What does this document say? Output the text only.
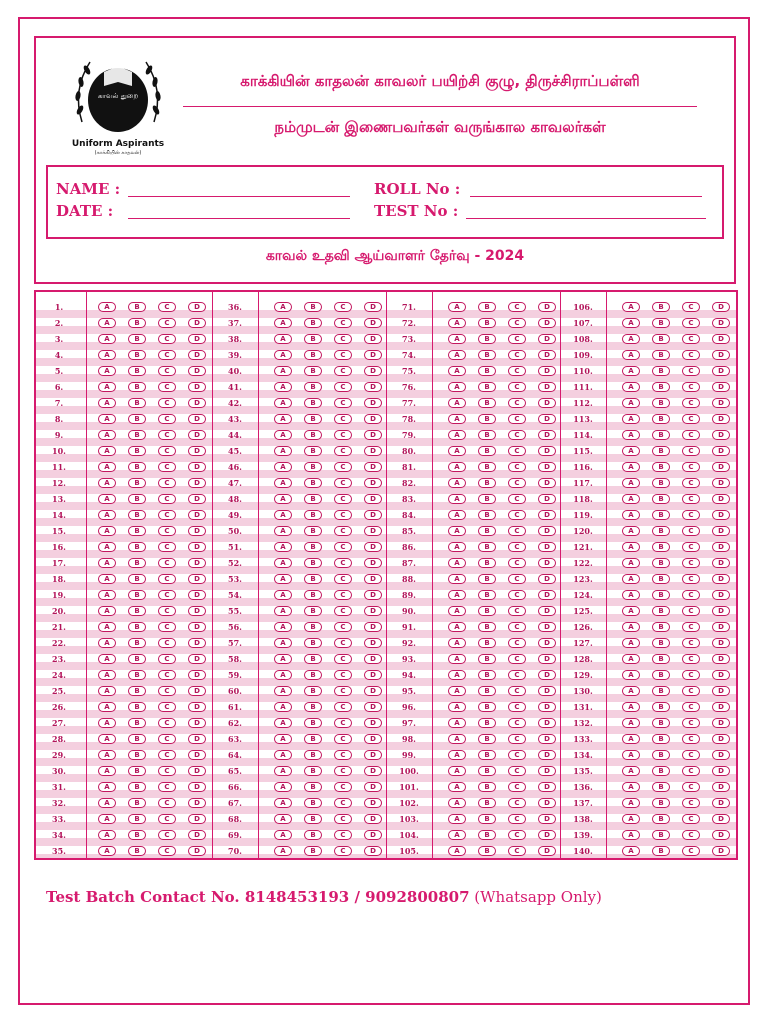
காவல் துறை
Uniform Aspirants
(காக்கியின் காதலன்)
காக்கியின் காதலன் காவலர் பயிற்சி குழு, திருச்சிராப்பள்ளி
நம்முடன் இணைபவர்கள் வருங்கால காவலர்கள்
NAME :	ROLL No :
DATE :	TEST No :
காவல் உதவி ஆய்வாளர் தேர்வு - 2024
1.	A	B	C	D
2.	A	B	C	D
3.	A	B	C	D
4.	A	B	C	D
5.	A	B	C	D
6.	A	B	C	D
7.	A	B	C	D
8.	A	B	C	D
9.	A	B	C	D
10.	A	B	C	D
11.	A	B	C	D
12.	A	B	C	D
13.	A	B	C	D
14.	A	B	C	D
15.	A	B	C	D
16.	A	B	C	D
17.	A	B	C	D
18.	A	B	C	D
19.	A	B	C	D
20.	A	B	C	D
21.	A	B	C	D
22.	A	B	C	D
23.	A	B	C	D
24.	A	B	C	D
25.	A	B	C	D
26.	A	B	C	D
27.	A	B	C	D
28.	A	B	C	D
29.	A	B	C	D
30.	A	B	C	D
31.	A	B	C	D
32.	A	B	C	D
33.	A	B	C	D
34.	A	B	C	D
35.	A	B	C	D
36.	A	B	C	D
37.	A	B	C	D
38.	A	B	C	D
39.	A	B	C	D
40.	A	B	C	D
41.	A	B	C	D
42.	A	B	C	D
43.	A	B	C	D
44.	A	B	C	D
45.	A	B	C	D
46.	A	B	C	D
47.	A	B	C	D
48.	A	B	C	D
49.	A	B	C	D
50.	A	B	C	D
51.	A	B	C	D
52.	A	B	C	D
53.	A	B	C	D
54.	A	B	C	D
55.	A	B	C	D
56.	A	B	C	D
57.	A	B	C	D
58.	A	B	C	D
59.	A	B	C	D
60.	A	B	C	D
61.	A	B	C	D
62.	A	B	C	D
63.	A	B	C	D
64.	A	B	C	D
65.	A	B	C	D
66.	A	B	C	D
67.	A	B	C	D
68.	A	B	C	D
69.	A	B	C	D
70.	A	B	C	D
71.	A	B	C	D
72.	A	B	C	D
73.	A	B	C	D
74.	A	B	C	D
75.	A	B	C	D
76.	A	B	C	D
77.	A	B	C	D
78.	A	B	C	D
79.	A	B	C	D
80.	A	B	C	D
81.	A	B	C	D
82.	A	B	C	D
83.	A	B	C	D
84.	A	B	C	D
85.	A	B	C	D
86.	A	B	C	D
87.	A	B	C	D
88.	A	B	C	D
89.	A	B	C	D
90.	A	B	C	D
91.	A	B	C	D
92.	A	B	C	D
93.	A	B	C	D
94.	A	B	C	D
95.	A	B	C	D
96.	A	B	C	D
97.	A	B	C	D
98.	A	B	C	D
99.	A	B	C	D
100.	A	B	C	D
101.	A	B	C	D
102.	A	B	C	D
103.	A	B	C	D
104.	A	B	C	D
105.	A	B	C	D
106.	A	B	C	D
107.	A	B	C	D
108.	A	B	C	D
109.	A	B	C	D
110.	A	B	C	D
111.	A	B	C	D
112.	A	B	C	D
113.	A	B	C	D
114.	A	B	C	D
115.	A	B	C	D
116.	A	B	C	D
117.	A	B	C	D
118.	A	B	C	D
119.	A	B	C	D
120.	A	B	C	D
121.	A	B	C	D
122.	A	B	C	D
123.	A	B	C	D
124.	A	B	C	D
125.	A	B	C	D
126.	A	B	C	D
127.	A	B	C	D
128.	A	B	C	D
129.	A	B	C	D
130.	A	B	C	D
131.	A	B	C	D
132.	A	B	C	D
133.	A	B	C	D
134.	A	B	C	D
135.	A	B	C	D
136.	A	B	C	D
137.	A	B	C	D
138.	A	B	C	D
139.	A	B	C	D
140.	A	B	C	D
Test Batch Contact No. 8148453193 / 9092800807 (Whatsapp Only)
